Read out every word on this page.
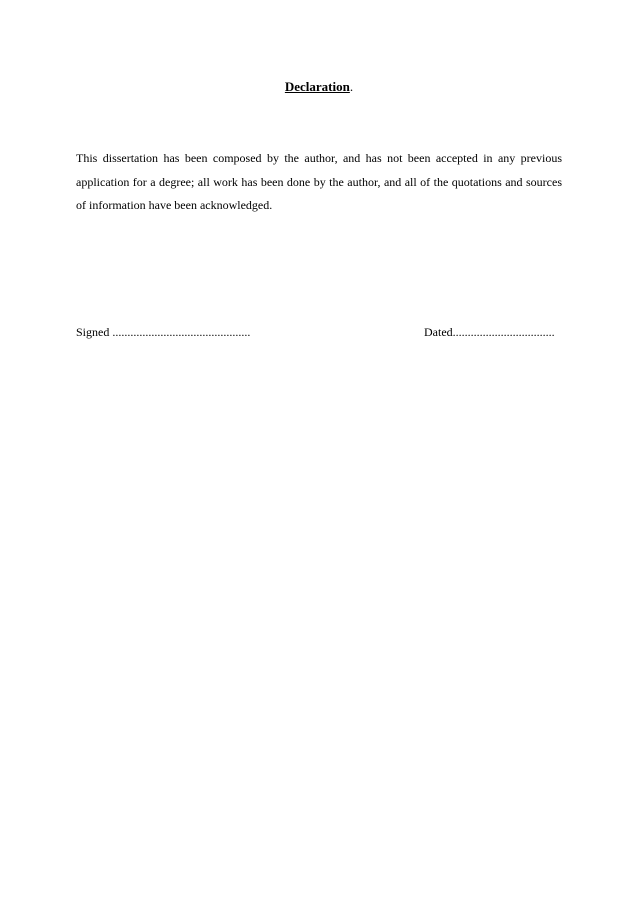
Declaration.
This dissertation has been composed by the author, and has not been accepted in any previous application for a degree; all work has been done by the author, and all of the quotations and sources of information have been acknowledged.
Signed ..............................................	Dated..................................
